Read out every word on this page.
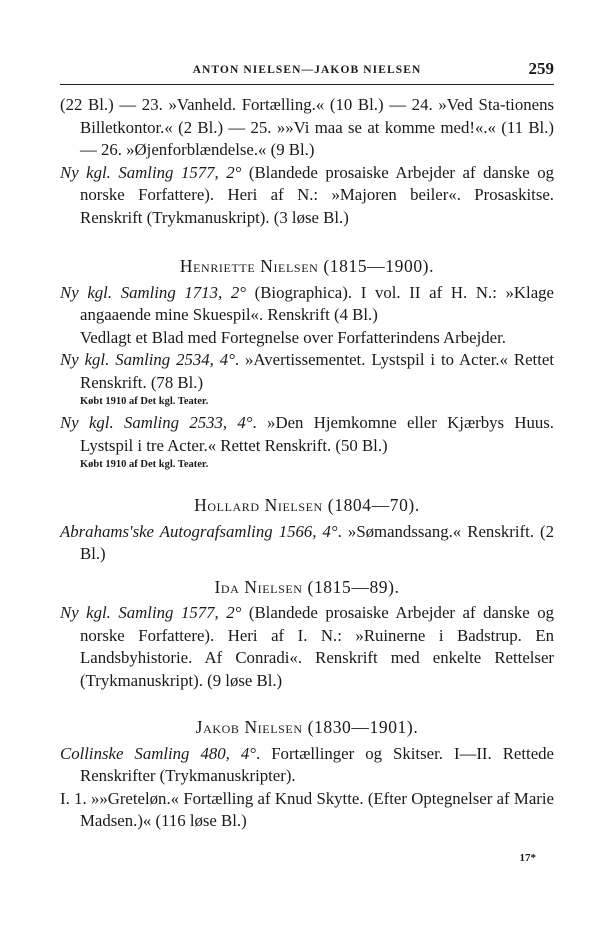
ANTON NIELSEN—JAKOB NIELSEN	259
(22 Bl.) — 23. »Vanheld. Fortælling.« (10 Bl.) — 24. »Ved Sta-tionens Billetkontor.« (2 Bl.) — 25. »»Vi maa se at komme med!«.« (11 Bl.) — 26. »Øjenforblændelse.« (9 Bl.)
Ny kgl. Samling 1577, 2° (Blandede prosaiske Arbejder af danske og norske Forfattere). Heri af N.: »Majoren beiler«. Prosaskitse. Renskrift (Trykmanuskript). (3 løse Bl.)
Henriette Nielsen (1815—1900).
Ny kgl. Samling 1713, 2° (Biographica). I vol. II af H. N.: »Klage angaaende mine Skuespil«. Renskrift (4 Bl.)
Vedlagt et Blad med Fortegnelse over Forfatterindens Arbejder.
Ny kgl. Samling 2534, 4°. »Avertissementet. Lystspil i to Acter.« Rettet Renskrift. (78 Bl.)
Købt 1910 af Det kgl. Teater.
Ny kgl. Samling 2533, 4°. »Den Hjemkomne eller Kjærbys Huus. Lystspil i tre Acter.« Rettet Renskrift. (50 Bl.)
Købt 1910 af Det kgl. Teater.
Hollard Nielsen (1804—70).
Abrahams'ske Autografsamling 1566, 4°. »Sømandssang.« Renskrift. (2 Bl.)
Ida Nielsen (1815—89).
Ny kgl. Samling 1577, 2° (Blandede prosaiske Arbejder af danske og norske Forfattere). Heri af I. N.: »Ruinerne i Badstrup. En Landsbyhistorie. Af Conradi«. Renskrift med enkelte Rettelser (Trykmanuskript). (9 løse Bl.)
Jakob Nielsen (1830—1901).
Collinske Samling 480, 4°. Fortællinger og Skitser. I—II. Rettede Renskrifter (Trykmanuskripter).
I. 1. »»Greteløn.« Fortælling af Knud Skytte. (Efter Optegnelser af Marie Madsen.)« (116 løse Bl.)
17*
